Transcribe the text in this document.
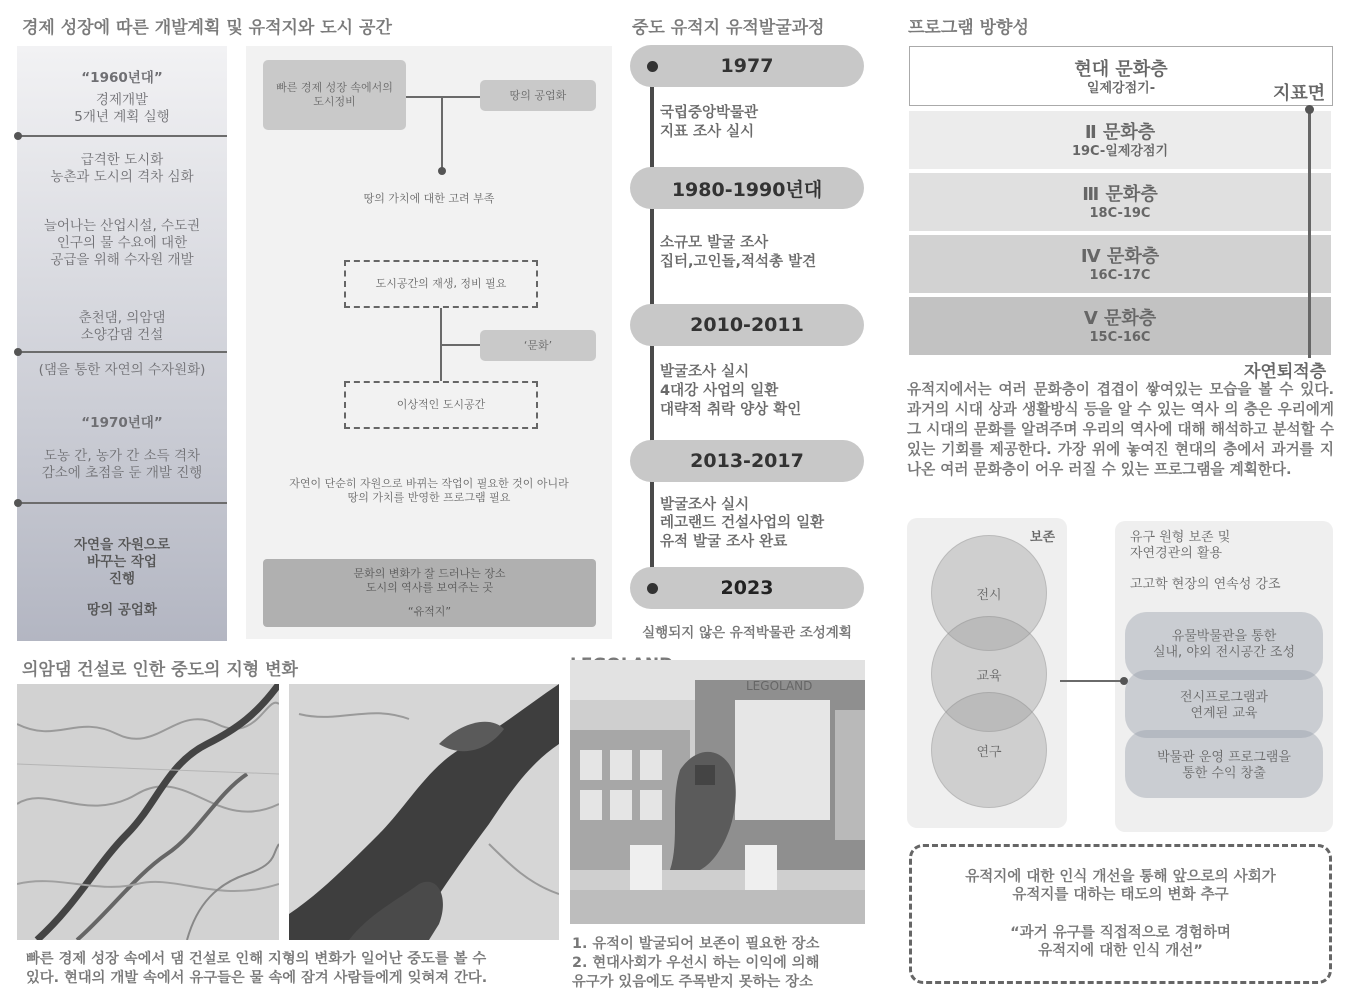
경제 성장에 따른 개발계획 및 유적지와 도시 공간	중도 유적지 유적발굴과정	프로그램 방향성
의암댐 건설로 인한 중도의 지형 변화
“1960년대”
경제개발
5개년 계획 실행
급격한 도시화
농촌과 도시의 격차 심화
늘어나는 산업시설, 수도권
인구의 물 수요에 대한
공급을 위해 수자원 개발
춘천댐, 의암댐
소양감댐 건설
(댐을 통한 자연의 수자원화)
“1970년대”
도농 간, 농가 간 소득 격차
감소에 초점을 둔 개발 진행
자연을 자원으로
바꾸는 작업
진행
땅의 공업화
빠른 경제 성장 속에서의
도시정비	땅의 공업화
땅의 가치에 대한 고려 부족
도시공간의 재생, 정비 필요
‘문화’
이상적인 도시공간
자연이 단순히 자원으로 바뀌는 작업이 필요한 것이 아니라
땅의 가치를 반영한 프로그램 필요
문화의 변화가 잘 드러나는 장소
도시의 역사를 보여주는 곳
“유적지”
1977
국립중앙박물관
지표 조사 실시
1980-1990년대
소규모 발굴 조사
집터,고인돌,적석총 발견
2010-2011
발굴조사 실시
4대강 사업의 일환
대략적 취락 양상 확인
2013-2017
발굴조사 실시
레고랜드 건설사업의 일환
유적 발굴 조사 완료
2023
실행되지 않은 유적박물관 조성계획
현대 문화층
일제강점기-	지표면
Ⅱ 문화층
19C-일제강점기
Ⅲ 문화층
18C-19C
Ⅳ 문화층
16C-17C
Ⅴ 문화층
15C-16C
자연퇴적층
유적지에서는 여러 문화층이 겹겹이 쌓여있는 모습을 볼 수 있다. 과거의 시대 상과 생활방식 등을 알 수 있는 역사 의 층은 우리에게 그 시대의 문화를 알려주며 우리의 역사에 대해 해석하고 분석할 수 있는 기회를 제공한다. 가장 위에 놓여진 현대의 층에서 과거를 지나온 여러 문화층이 어우 러질 수 있는 프로그램을 계획한다.
보존
전시
교육
연구
유구 원형 보존 및
자연경관의 활용
고고학 현장의 연속성 강조
유물박물관을 통한
실내, 야외 전시공간 조성
전시프로그램과
연계된 교육
박물관 운영 프로그램을
통한 수익 창출
유적지에 대한 인식 개선을 통해 앞으로의 사회가
유적지를 대하는 태도의 변화 추구
“과거 유구를 직접적으로 경험하며
유적지에 대한 인식 개선”
빠른 경제 성장 속에서 댐 건설로 인해 지형의 변화가 일어난 중도를 볼 수
있다. 현대의 개발 속에서 유구들은 물 속에 잠겨 사람들에게 잊혀져 간다.
LEGOLAND
1. 유적이 발굴되어 보존이 필요한 장소
2. 현대사회가 우선시 하는 이익에 의해
유구가 있음에도 주목받지 못하는 장소
